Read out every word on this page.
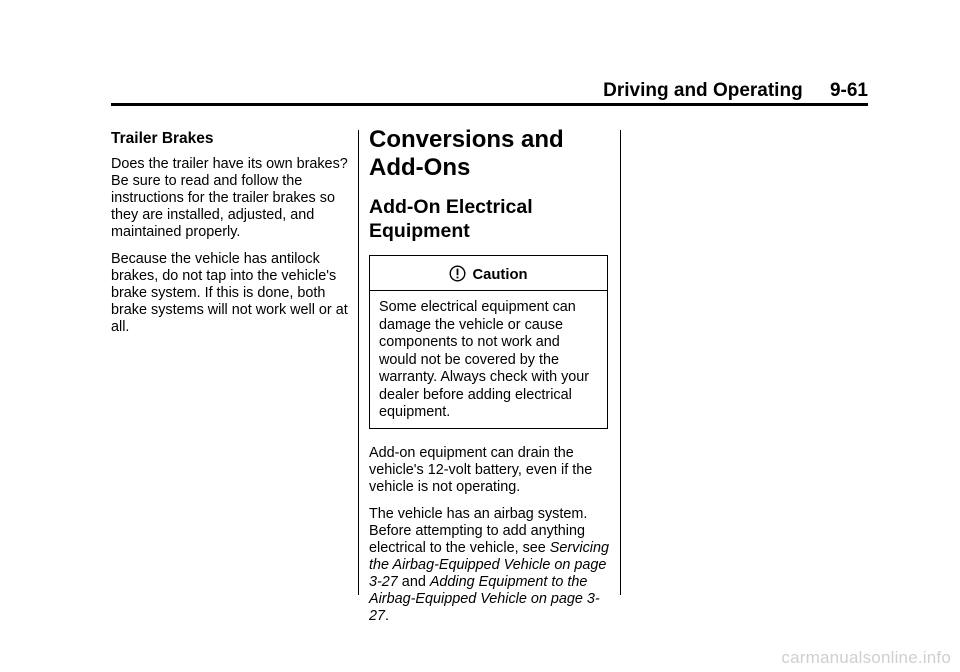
Driving and Operating 9-61
Trailer Brakes

Does the trailer have its own brakes? Be sure to read and follow the instructions for the trailer brakes so they are installed, adjusted, and maintained properly.

Because the vehicle has antilock brakes, do not tap into the vehicle's brake system. If this is done, both brake systems will not work well or at all.

Conversions and Add-Ons
Add-On Electrical Equipment
Caution
Some electrical equipment can damage the vehicle or cause components to not work and would not be covered by the warranty. Always check with your dealer before adding electrical equipment.

Add-on equipment can drain the vehicle's 12-volt battery, even if the vehicle is not operating.

The vehicle has an airbag system. Before attempting to add anything electrical to the vehicle, see Servicing the Airbag-Equipped Vehicle on page 3-27 and Adding Equipment to the Airbag-Equipped Vehicle on page 3-27.

carmanualsonline.info
